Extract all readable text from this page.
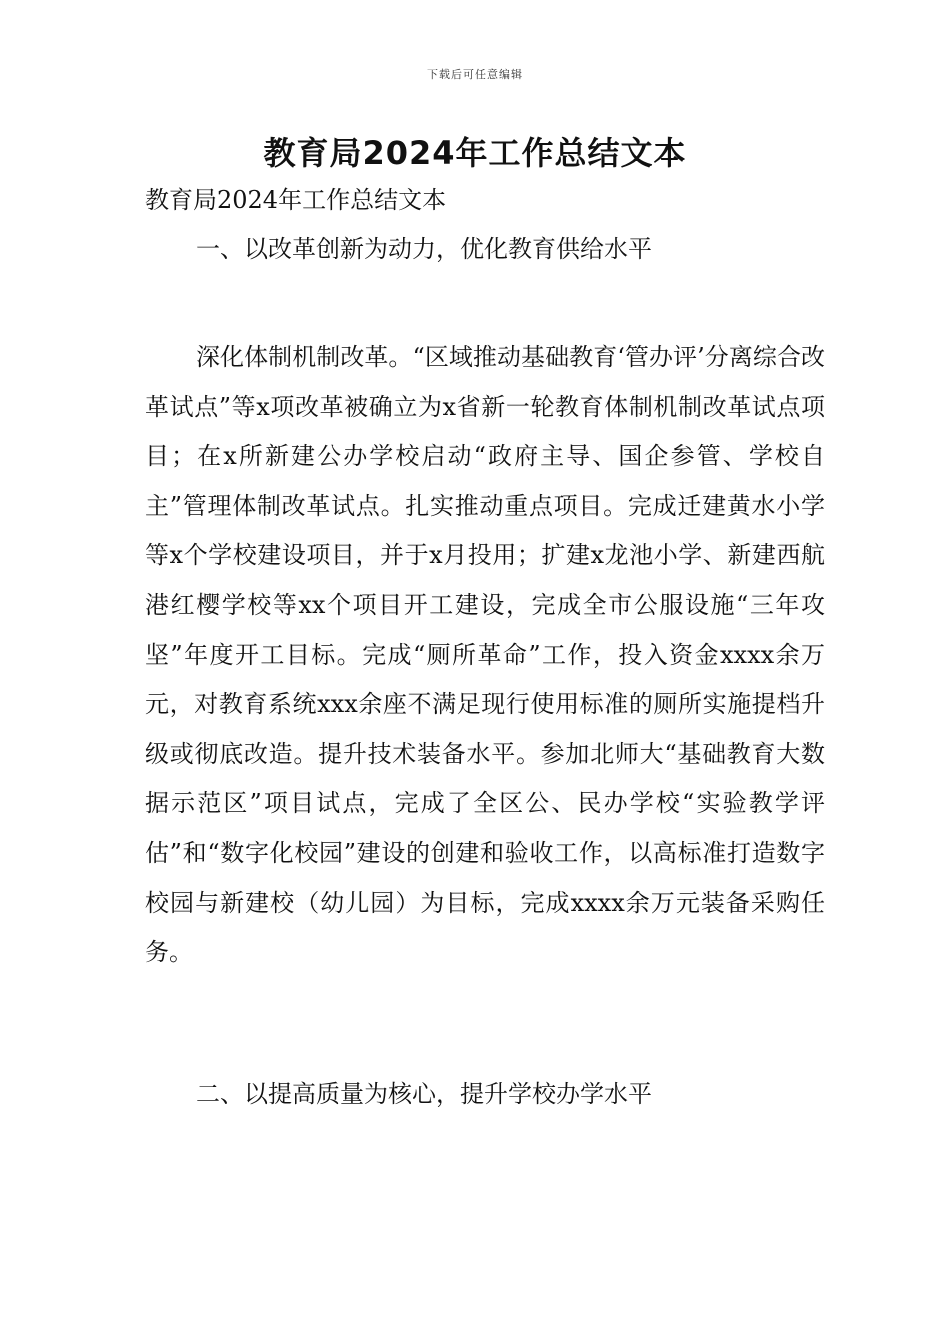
下载后可任意编辑
教育局2024年工作总结文本

教育局2024年工作总结文本

一、以改革创新为动力，优化教育供给水平

深化体制机制改革。“区域推动基础教育‘管办评’分离综合改革试点”等x项改革被确立为x省新一轮教育体制机制改革试点项目；在x所新建公办学校启动“政府主导、国企参管、学校自主”管理体制改革试点。扎实推动重点项目。完成迁建黄水小学等x个学校建设项目，并于x月投用；扩建x龙池小学、新建西航港红樱学校等xx个项目开工建设，完成全市公服设施“三年攻坚”年度开工目标。完成“厕所革命”工作，投入资金xxxx余万元，对教育系统xxx余座不满足现行使用标准的厕所实施提档升级或彻底改造。提升技术装备水平。参加北师大“基础教育大数据示范区”项目试点，完成了全区公、民办学校“实验教学评估”和“数字化校园”建设的创建和验收工作，以高标准打造数字校园与新建校（幼儿园）为目标，完成xxxx余万元装备采购任务。

二、以提高质量为核心，提升学校办学水平
